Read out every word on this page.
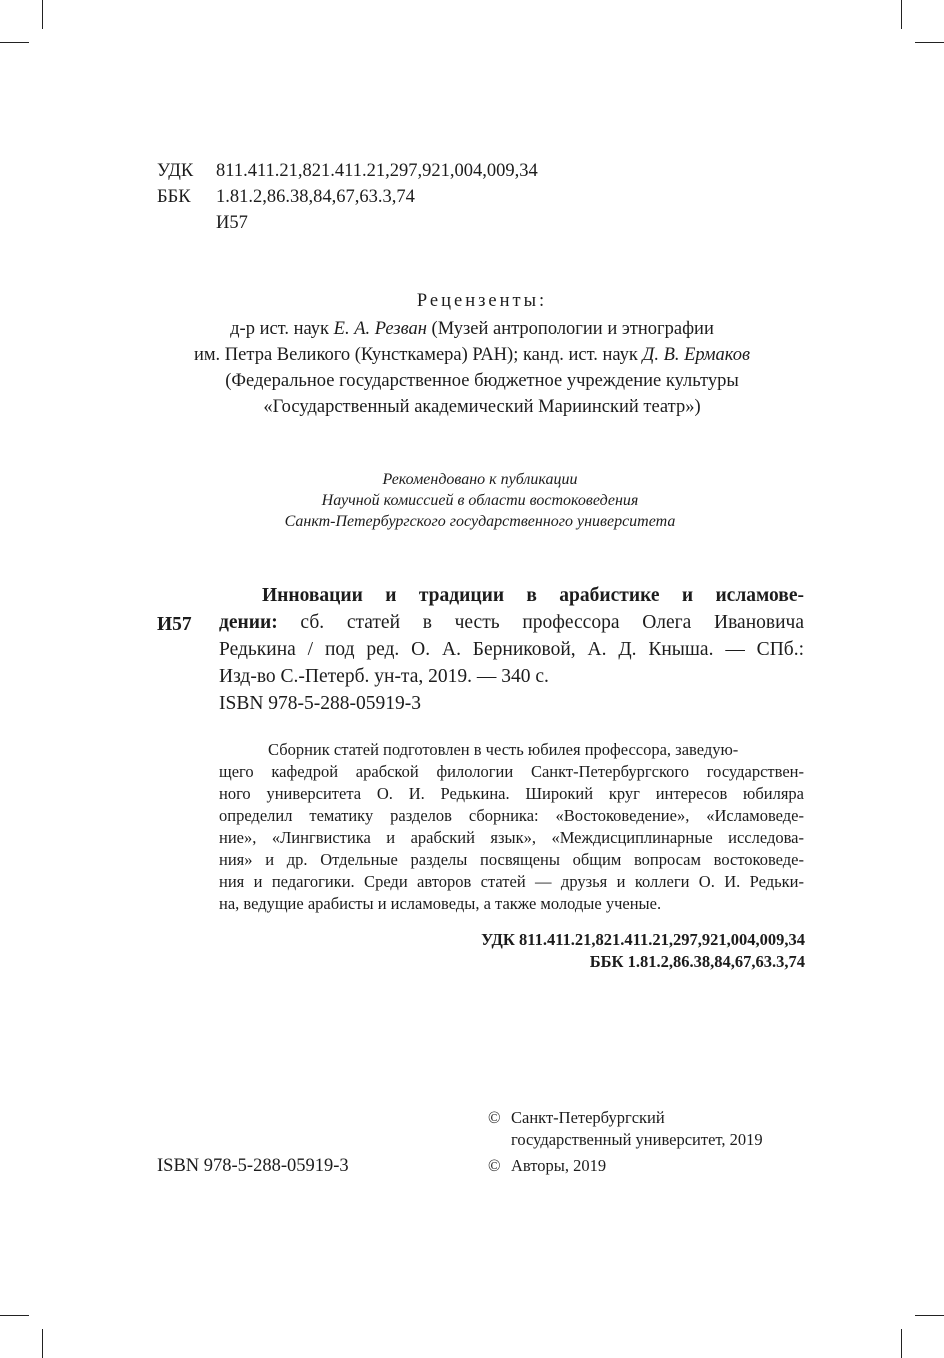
УДК 811.411.21,821.411.21,297,921,004,009,34
ББК 1.81.2,86.38,84,67,63.3,74
И57
Рецензенты:
д-р ист. наук Е. А. Резван (Музей антропологии и этнографии
им. Петра Великого (Кунсткамера) РАН); канд. ист. наук Д. В. Ермаков
(Федеральное государственное бюджетное учреждение культуры
«Государственный академический Мариинский театр»)
Рекомендовано к публикации
Научной комиссией в области востоковедения
Санкт-Петербургского государственного университета
И57
Инновации и традиции в арабистике и исламове-
дении: сб. статей в честь профессора Олега Ивановича
Редькина / под ред. О. А. Берниковой, А. Д. Кныша. — СПб.:
Изд-во С.-Петерб. ун-та, 2019. — 340 с.
ISBN 978-5-288-05919-3
Сборник статей подготовлен в честь юбилея профессора, заведую-
щего кафедрой арабской филологии Санкт-Петербургского государствен-
ного университета О. И. Редькина. Широкий круг интересов юбиляра
определил тематику разделов сборника: «Востоковедение», «Исламоведе-
ние», «Лингвистика и арабский язык», «Междисциплинарные исследова-
ния» и др. Отдельные разделы посвящены общим вопросам востоковеде-
ния и педагогики. Среди авторов статей — друзья и коллеги О. И. Редьки-
на, ведущие арабисты и исламоведы, а также молодые ученые.
УДК 811.411.21,821.411.21,297,921,004,009,34
ББК 1.81.2,86.38,84,67,63.3,74
ISBN 978-5-288-05919-3
© Санкт-Петербургский
государственный университет, 2019
© Авторы, 2019
